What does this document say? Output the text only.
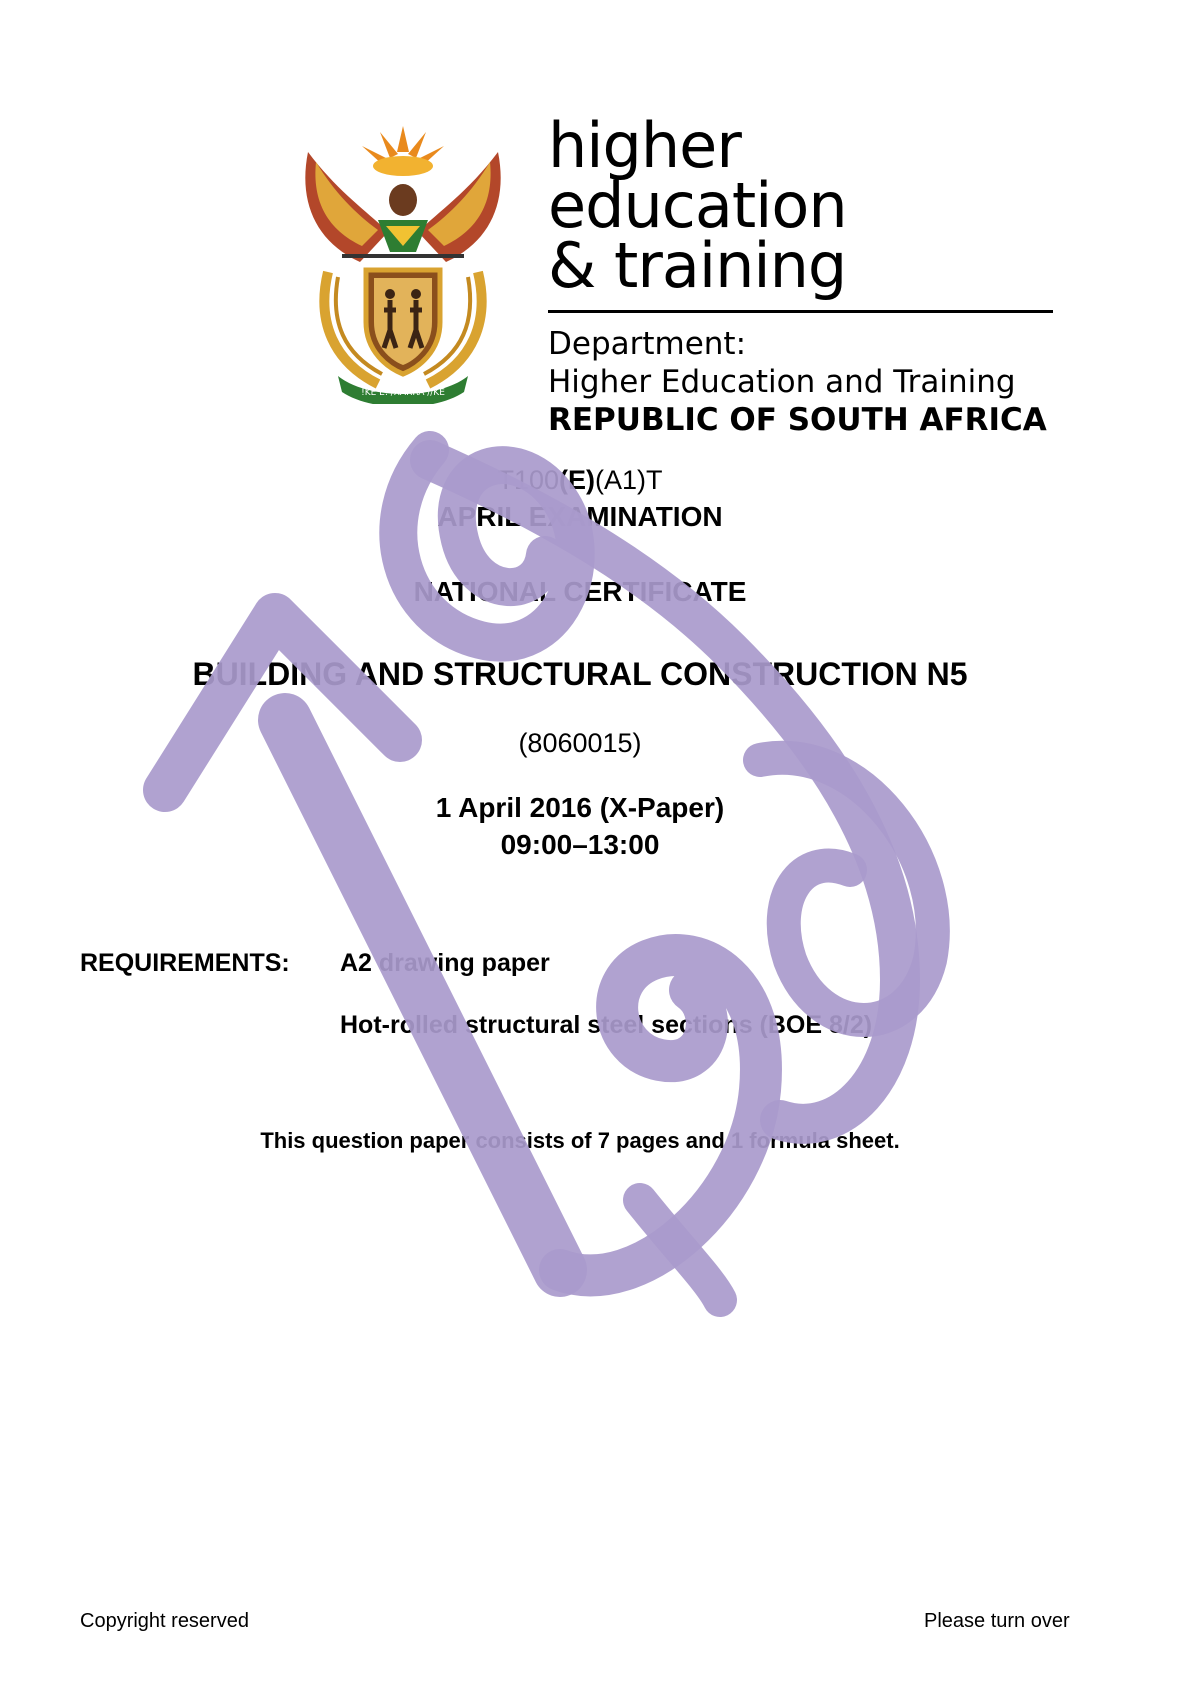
!KE E: /XARRA //KE
higher education
& training
Department:
Higher Education and Training
REPUBLIC OF SOUTH AFRICA
T100(E)(A1)T
APRIL EXAMINATION
NATIONAL CERTIFICATE
BUILDING AND STRUCTURAL CONSTRUCTION N5
(8060015)
1 April 2016 (X-Paper)
09:00–13:00
REQUIREMENTS: A2 drawing paper
Hot-rolled structural steel sections (BOE 8/2)
This question paper consists of 7 pages and 1 formula sheet.
Copyright reserved	Please turn over
